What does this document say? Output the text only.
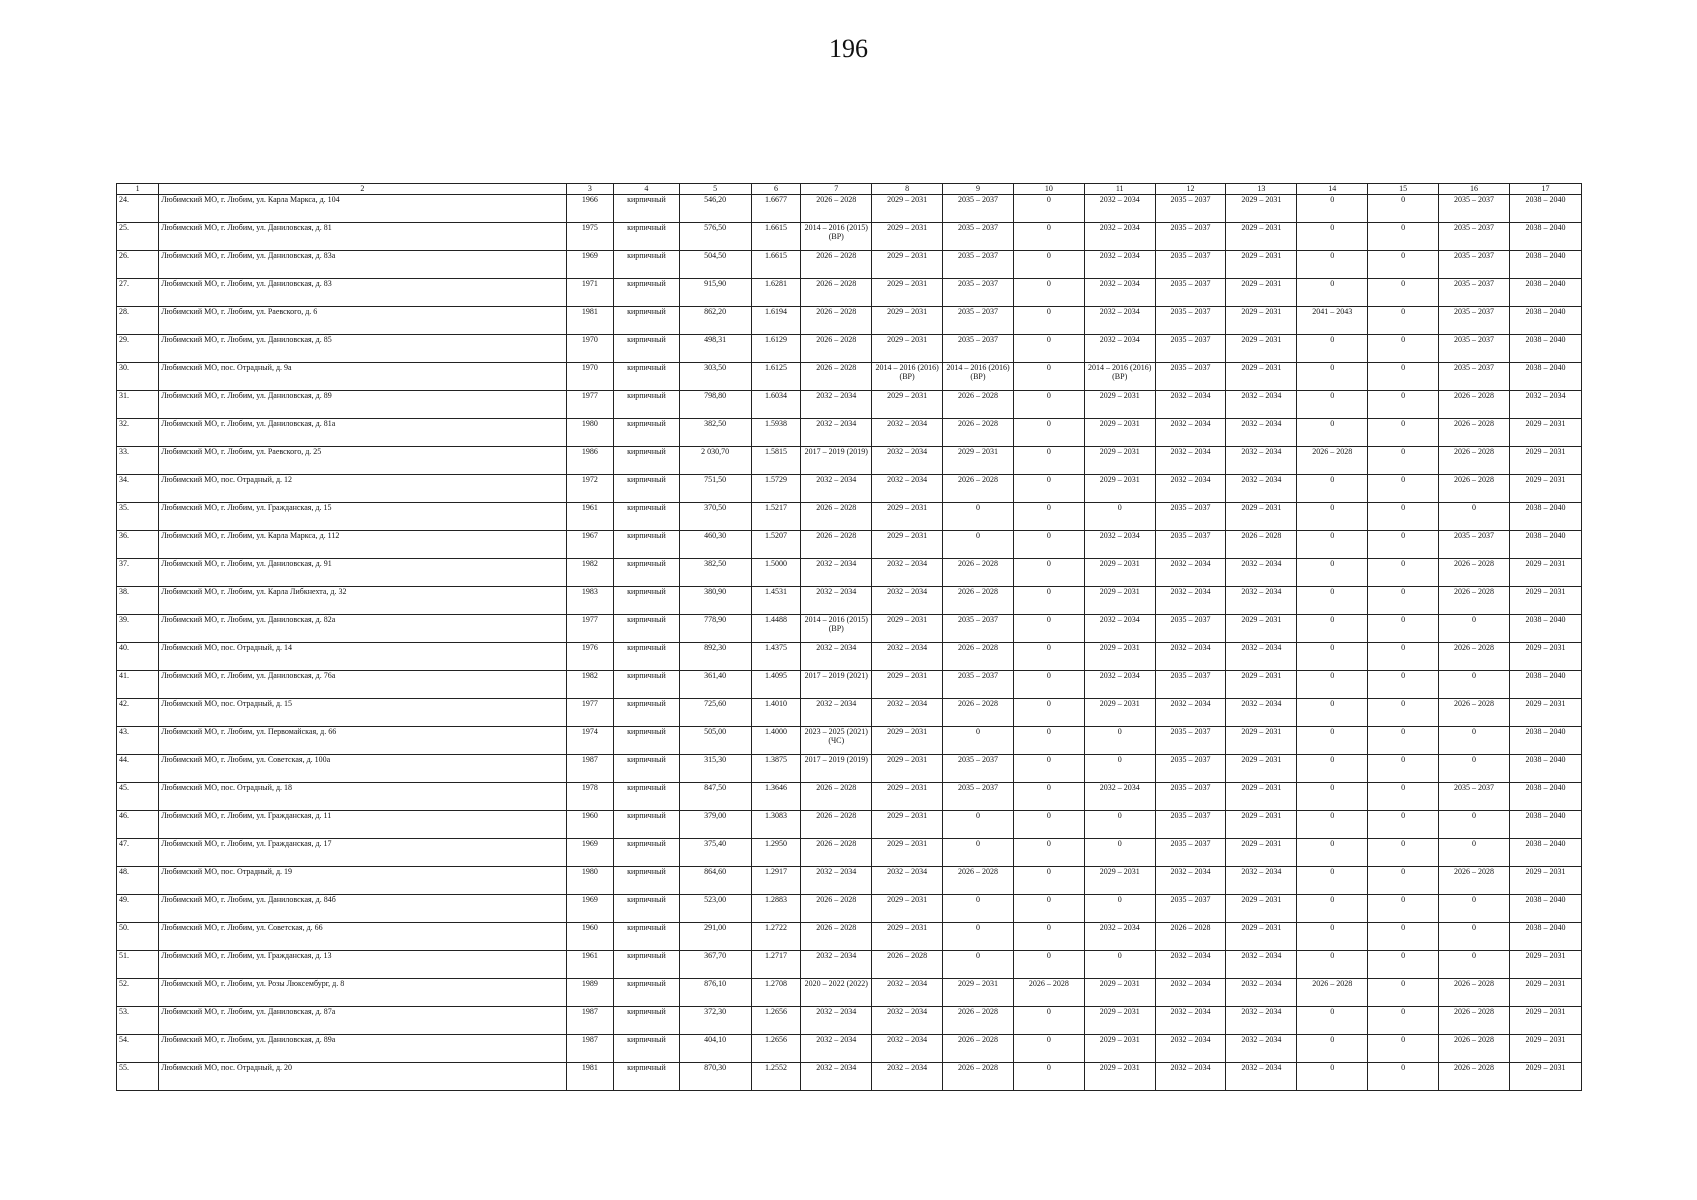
196
1	2	3	4	5	6	7	8	9	10	11	12	13	14	15	16	17
24.	Любимский МО, г. Любим, ул. Карла Маркса, д. 104	1966	кирпичный	546,20	1.6677	2026 – 2028	2029 – 2031	2035 – 2037	0	2032 – 2034	2035 – 2037	2029 – 2031	0	0	2035 – 2037	2038 – 2040
25.	Любимский МО, г. Любим, ул. Даниловская, д. 81	1975	кирпичный	576,50	1.6615	2014 – 2016 (2015) (ВР)	2029 – 2031	2035 – 2037	0	2032 – 2034	2035 – 2037	2029 – 2031	0	0	2035 – 2037	2038 – 2040
26.	Любимский МО, г. Любим, ул. Даниловская, д. 83а	1969	кирпичный	504,50	1.6615	2026 – 2028	2029 – 2031	2035 – 2037	0	2032 – 2034	2035 – 2037	2029 – 2031	0	0	2035 – 2037	2038 – 2040
27.	Любимский МО, г. Любим, ул. Даниловская, д. 83	1971	кирпичный	915,90	1.6281	2026 – 2028	2029 – 2031	2035 – 2037	0	2032 – 2034	2035 – 2037	2029 – 2031	0	0	2035 – 2037	2038 – 2040
28.	Любимский МО, г. Любим, ул. Раевского, д. 6	1981	кирпичный	862,20	1.6194	2026 – 2028	2029 – 2031	2035 – 2037	0	2032 – 2034	2035 – 2037	2029 – 2031	2041 – 2043	0	2035 – 2037	2038 – 2040
29.	Любимский МО, г. Любим, ул. Даниловская, д. 85	1970	кирпичный	498,31	1.6129	2026 – 2028	2029 – 2031	2035 – 2037	0	2032 – 2034	2035 – 2037	2029 – 2031	0	0	2035 – 2037	2038 – 2040
30.	Любимский МО, пос. Отрадный, д. 9а	1970	кирпичный	303,50	1.6125	2026 – 2028	2014 – 2016 (2016) (ВР)	2014 – 2016 (2016) (ВР)	0	2014 – 2016 (2016) (ВР)	2035 – 2037	2029 – 2031	0	0	2035 – 2037	2038 – 2040
31.	Любимский МО, г. Любим, ул. Даниловская, д. 89	1977	кирпичный	798,80	1.6034	2032 – 2034	2029 – 2031	2026 – 2028	0	2029 – 2031	2032 – 2034	2032 – 2034	0	0	2026 – 2028	2032 – 2034
32.	Любимский МО, г. Любим, ул. Даниловская, д. 81а	1980	кирпичный	382,50	1.5938	2032 – 2034	2032 – 2034	2026 – 2028	0	2029 – 2031	2032 – 2034	2032 – 2034	0	0	2026 – 2028	2029 – 2031
33.	Любимский МО, г. Любим, ул. Раевского, д. 25	1986	кирпичный	2 030,70	1.5815	2017 – 2019 (2019)	2032 – 2034	2029 – 2031	0	2029 – 2031	2032 – 2034	2032 – 2034	2026 – 2028	0	2026 – 2028	2029 – 2031
34.	Любимский МО, пос. Отрадный, д. 12	1972	кирпичный	751,50	1.5729	2032 – 2034	2032 – 2034	2026 – 2028	0	2029 – 2031	2032 – 2034	2032 – 2034	0	0	2026 – 2028	2029 – 2031
35.	Любимский МО, г. Любим, ул. Гражданская, д. 15	1961	кирпичный	370,50	1.5217	2026 – 2028	2029 – 2031	0	0	0	2035 – 2037	2029 – 2031	0	0	0	2038 – 2040
36.	Любимский МО, г. Любим, ул. Карла Маркса, д. 112	1967	кирпичный	460,30	1.5207	2026 – 2028	2029 – 2031	0	0	2032 – 2034	2035 – 2037	2026 – 2028	0	0	2035 – 2037	2038 – 2040
37.	Любимский МО, г. Любим, ул. Даниловская, д. 91	1982	кирпичный	382,50	1.5000	2032 – 2034	2032 – 2034	2026 – 2028	0	2029 – 2031	2032 – 2034	2032 – 2034	0	0	2026 – 2028	2029 – 2031
38.	Любимский МО, г. Любим, ул. Карла Либкнехта, д. 32	1983	кирпичный	380,90	1.4531	2032 – 2034	2032 – 2034	2026 – 2028	0	2029 – 2031	2032 – 2034	2032 – 2034	0	0	2026 – 2028	2029 – 2031
39.	Любимский МО, г. Любим, ул. Даниловская, д. 82а	1977	кирпичный	778,90	1.4488	2014 – 2016 (2015) (ВР)	2029 – 2031	2035 – 2037	0	2032 – 2034	2035 – 2037	2029 – 2031	0	0	0	2038 – 2040
40.	Любимский МО, пос. Отрадный, д. 14	1976	кирпичный	892,30	1.4375	2032 – 2034	2032 – 2034	2026 – 2028	0	2029 – 2031	2032 – 2034	2032 – 2034	0	0	2026 – 2028	2029 – 2031
41.	Любимский МО, г. Любим, ул. Даниловская, д. 76а	1982	кирпичный	361,40	1.4095	2017 – 2019 (2021)	2029 – 2031	2035 – 2037	0	2032 – 2034	2035 – 2037	2029 – 2031	0	0	0	2038 – 2040
42.	Любимский МО, пос. Отрадный, д. 15	1977	кирпичный	725,60	1.4010	2032 – 2034	2032 – 2034	2026 – 2028	0	2029 – 2031	2032 – 2034	2032 – 2034	0	0	2026 – 2028	2029 – 2031
43.	Любимский МО, г. Любим, ул. Первомайская, д. 66	1974	кирпичный	505,00	1.4000	2023 – 2025 (2021) (ЧС)	2029 – 2031	0	0	0	2035 – 2037	2029 – 2031	0	0	0	2038 – 2040
44.	Любимский МО, г. Любим, ул. Советская, д. 100а	1987	кирпичный	315,30	1.3875	2017 – 2019 (2019)	2029 – 2031	2035 – 2037	0	0	2035 – 2037	2029 – 2031	0	0	0	2038 – 2040
45.	Любимский МО, пос. Отрадный, д. 18	1978	кирпичный	847,50	1.3646	2026 – 2028	2029 – 2031	2035 – 2037	0	2032 – 2034	2035 – 2037	2029 – 2031	0	0	2035 – 2037	2038 – 2040
46.	Любимский МО, г. Любим, ул. Гражданская, д. 11	1960	кирпичный	379,00	1.3083	2026 – 2028	2029 – 2031	0	0	0	2035 – 2037	2029 – 2031	0	0	0	2038 – 2040
47.	Любимский МО, г. Любим, ул. Гражданская, д. 17	1969	кирпичный	375,40	1.2950	2026 – 2028	2029 – 2031	0	0	0	2035 – 2037	2029 – 2031	0	0	0	2038 – 2040
48.	Любимский МО, пос. Отрадный, д. 19	1980	кирпичный	864,60	1.2917	2032 – 2034	2032 – 2034	2026 – 2028	0	2029 – 2031	2032 – 2034	2032 – 2034	0	0	2026 – 2028	2029 – 2031
49.	Любимский МО, г. Любим, ул. Даниловская, д. 84б	1969	кирпичный	523,00	1.2883	2026 – 2028	2029 – 2031	0	0	0	2035 – 2037	2029 – 2031	0	0	0	2038 – 2040
50.	Любимский МО, г. Любим, ул. Советская, д. 66	1960	кирпичный	291,00	1.2722	2026 – 2028	2029 – 2031	0	0	2032 – 2034	2026 – 2028	2029 – 2031	0	0	0	2038 – 2040
51.	Любимский МО, г. Любим, ул. Гражданская, д. 13	1961	кирпичный	367,70	1.2717	2032 – 2034	2026 – 2028	0	0	0	2032 – 2034	2032 – 2034	0	0	0	2029 – 2031
52.	Любимский МО, г. Любим, ул. Розы Люксембург, д. 8	1989	кирпичный	876,10	1.2708	2020 – 2022 (2022)	2032 – 2034	2029 – 2031	2026 – 2028	2029 – 2031	2032 – 2034	2032 – 2034	2026 – 2028	0	2026 – 2028	2029 – 2031
53.	Любимский МО, г. Любим, ул. Даниловская, д. 87а	1987	кирпичный	372,30	1.2656	2032 – 2034	2032 – 2034	2026 – 2028	0	2029 – 2031	2032 – 2034	2032 – 2034	0	0	2026 – 2028	2029 – 2031
54.	Любимский МО, г. Любим, ул. Даниловская, д. 89а	1987	кирпичный	404,10	1.2656	2032 – 2034	2032 – 2034	2026 – 2028	0	2029 – 2031	2032 – 2034	2032 – 2034	0	0	2026 – 2028	2029 – 2031
55.	Любимский МО, пос. Отрадный, д. 20	1981	кирпичный	870,30	1.2552	2032 – 2034	2032 – 2034	2026 – 2028	0	2029 – 2031	2032 – 2034	2032 – 2034	0	0	2026 – 2028	2029 – 2031
